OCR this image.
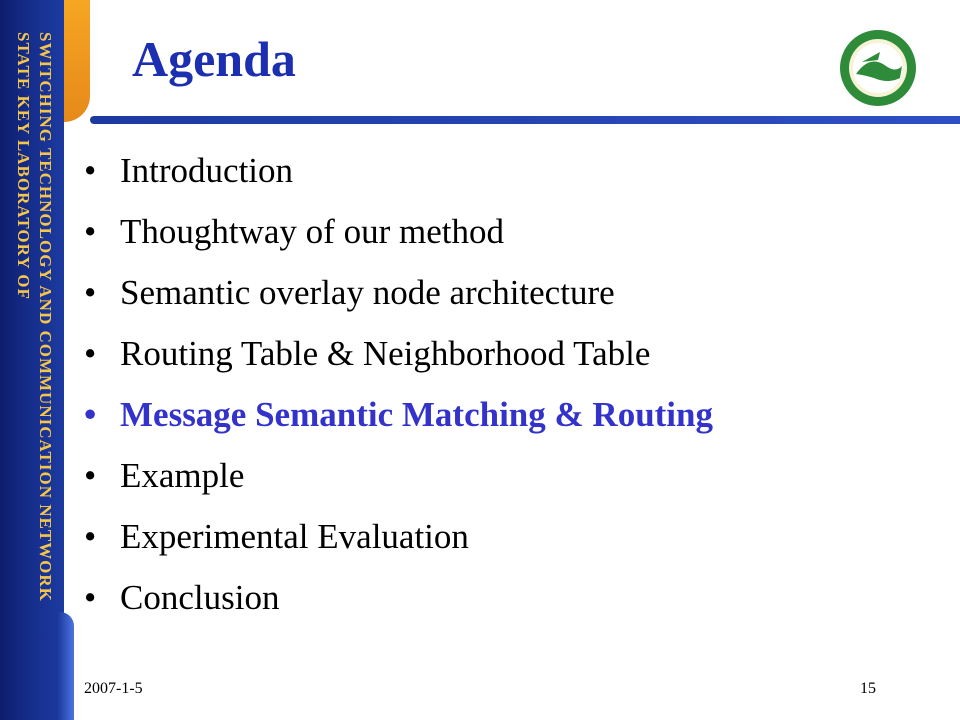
SWITCHING TECHNOLOGY AND COMMUNICATION NETWORK
STATE KEY LABORATORY OF Agenda
• Introduction
• Thoughtway of our method
• Semantic overlay node architecture
• Routing Table & Neighborhood Table
• Message Semantic Matching & Routing
• Example
• Experimental Evaluation
• Conclusion
2007-1-5	15
